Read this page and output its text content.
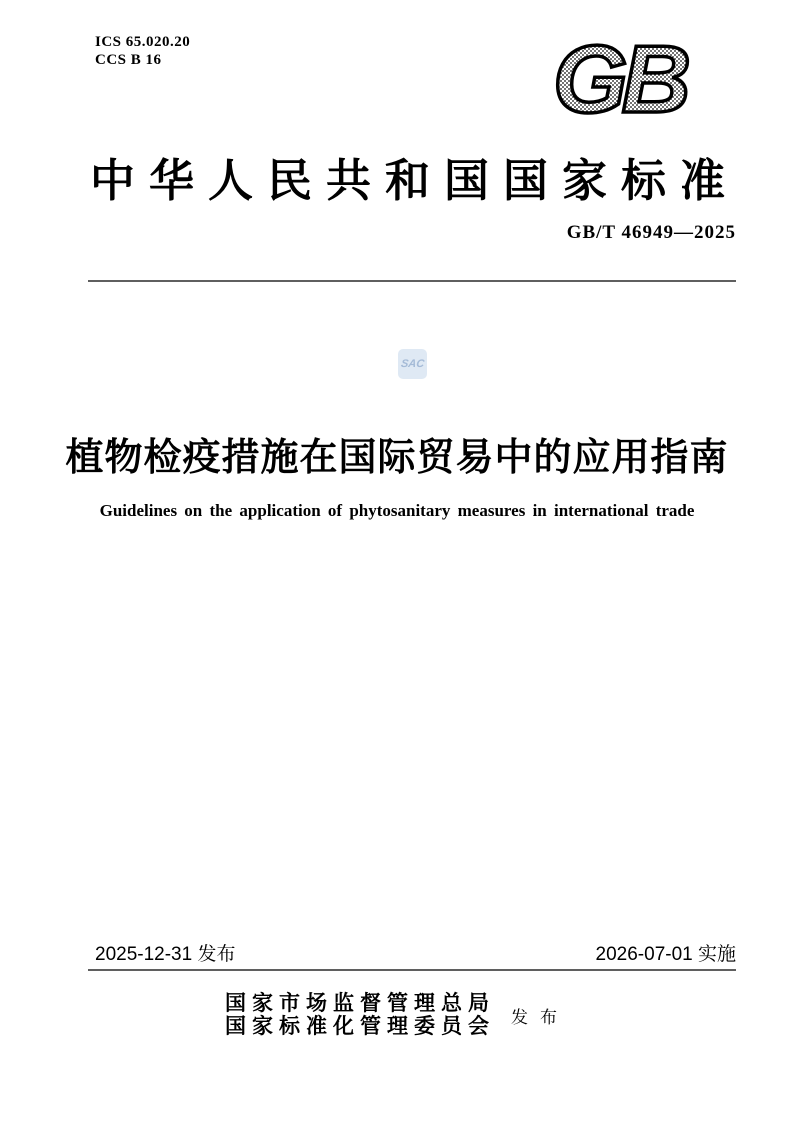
ICS 65.020.20
CCS B 16	GB
中华人民共和国国家标准
GB/T 46949—2025
SAC
植物检疫措施在国际贸易中的应用指南
Guidelines on the application of phytosanitary measures in international trade
2025-12-31 发布	2026-07-01 实施
国家市场监督管理总局
国家标准化管理委员会 发布
